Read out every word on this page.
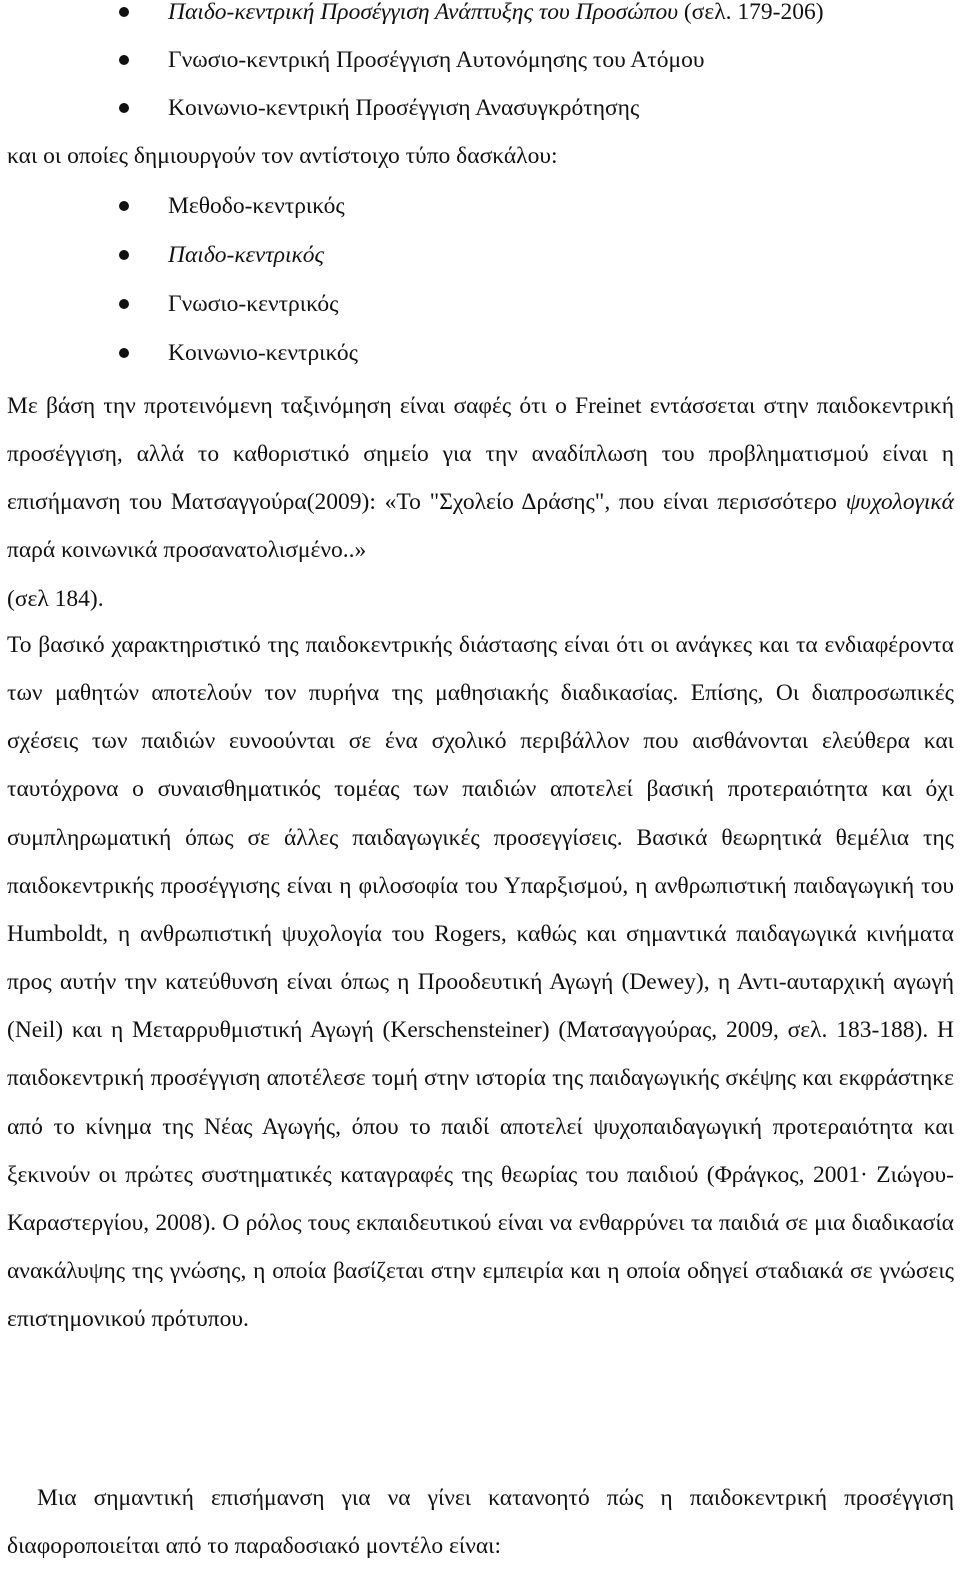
Παιδο-κεντρική Προσέγγιση Ανάπτυξης του Προσώπου (σελ. 179-206)
Γνωσιο-κεντρική Προσέγγιση Αυτονόμησης του Ατόμου
Κοινωνιο-κεντρική Προσέγγιση Ανασυγκρότησης
και οι οποίες δημιουργούν τον αντίστοιχο τύπο δασκάλου:
Μεθοδο-κεντρικός
Παιδο-κεντρικός
Γνωσιο-κεντρικός
Κοινωνιο-κεντρικός
Με βάση την προτεινόμενη ταξινόμηση είναι σαφές ότι ο Freinet εντάσσεται στην παιδοκεντρική προσέγγιση, αλλά το καθοριστικό σημείο για την αναδίπλωση του προβληματισμού είναι η επισήμανση του Ματσαγγούρα(2009): «Το "Σχολείο Δράσης", που είναι περισσότερο ψυχολογικά παρά κοινωνικά προσανατολισμένο..»
(σελ 184).
Το βασικό χαρακτηριστικό της παιδοκεντρικής διάστασης είναι ότι οι ανάγκες και τα ενδιαφέροντα των μαθητών αποτελούν τον πυρήνα της μαθησιακής διαδικασίας. Επίσης, Οι διαπροσωπικές σχέσεις των παιδιών ευνοούνται σε ένα σχολικό περιβάλλον που αισθάνονται ελεύθερα και ταυτόχρονα ο συναισθηματικός τομέας των παιδιών αποτελεί βασική προτεραιότητα και όχι συμπληρωματική όπως σε άλλες παιδαγωγικές προσεγγίσεις. Βασικά θεωρητικά θεμέλια της παιδοκεντρικής προσέγγισης είναι η φιλοσοφία του Υπαρξισμού, η ανθρωπιστική παιδαγωγική του Humboldt, η ανθρωπιστική ψυχολογία του Rogers, καθώς και σημαντικά παιδαγωγικά κινήματα προς αυτήν την κατεύθυνση είναι όπως η Προοδευτική Αγωγή (Dewey), η Αντι-αυταρχική αγωγή (Neil) και η Μεταρρυθμιστική Αγωγή (Kerschensteiner) (Ματσαγγούρας, 2009, σελ. 183-188). Η παιδοκεντρική προσέγγιση αποτέλεσε τομή στην ιστορία της παιδαγωγικής σκέψης και εκφράστηκε από το κίνημα της Νέας Αγωγής, όπου το παιδί αποτελεί ψυχοπαιδαγωγική προτεραιότητα και ξεκινούν οι πρώτες συστηματικές καταγραφές της θεωρίας του παιδιού (Φράγκος, 2001· Ζιώγου-Καραστεργίου, 2008). Ο ρόλος τους εκπαιδευτικού είναι να ενθαρρύνει τα παιδιά σε μια διαδικασία ανακάλυψης της γνώσης, η οποία βασίζεται στην εμπειρία και η οποία οδηγεί σταδιακά σε γνώσεις επιστημονικού πρότυπου.
Μια σημαντική επισήμανση για να γίνει κατανοητό πώς η παιδοκεντρική προσέγγιση διαφοροποιείται από το παραδοσιακό μοντέλο είναι:
